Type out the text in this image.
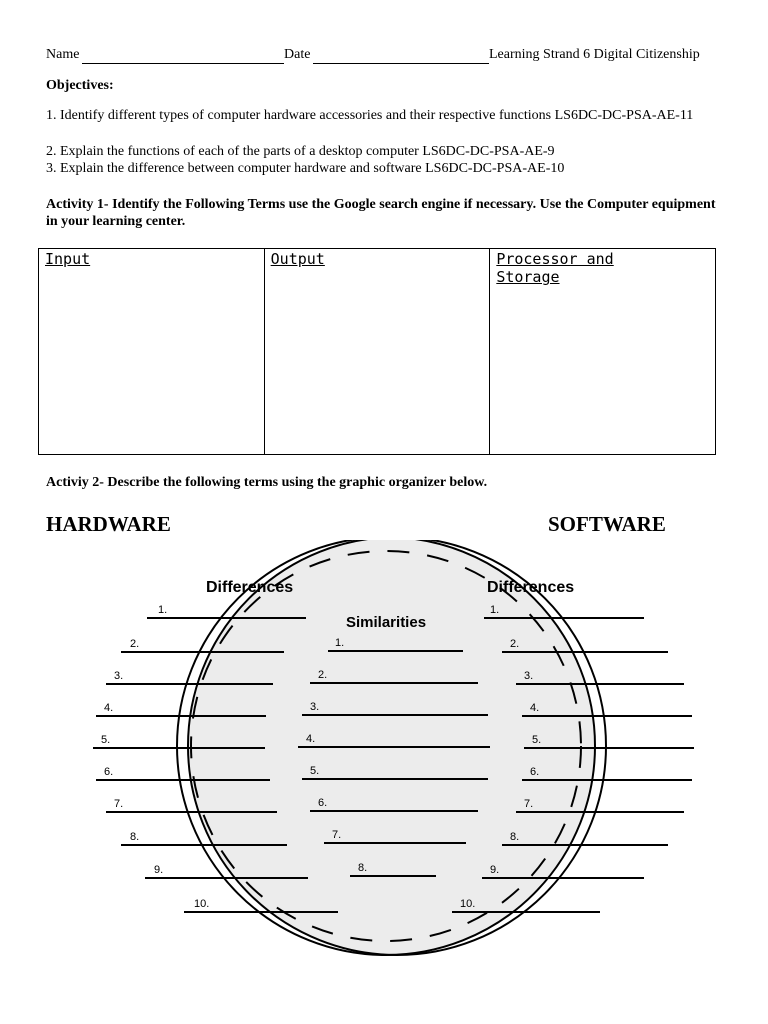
Name	Date	Learning Strand 6 Digital Citizenship
Objectives:
1. Identify different types of computer hardware accessories and their respective functions LS6DC-DC-PSA-AE-11
2. Explain the functions of each of the parts of a desktop computer LS6DC-DC-PSA-AE-9
3. Explain the difference between computer hardware and software LS6DC-DC-PSA-AE-10
Activity 1- Identify the Following Terms use the Google search engine if necessary. Use the Computer equipment in your learning center.
Input	Output	Processor and Storage
Activiy 2- Describe the following terms using the graphic organizer below.
HARDWARE	SOFTWARE
Differences
Similarities
Differences
1.
2.
3.
4.
5.
6.
7.
8.
9.
10.
1.
2.
3.
4.
5.
6.
7.
8.
1.
2.
3.
4.
5.
6.
7.
8.
9.
10.
